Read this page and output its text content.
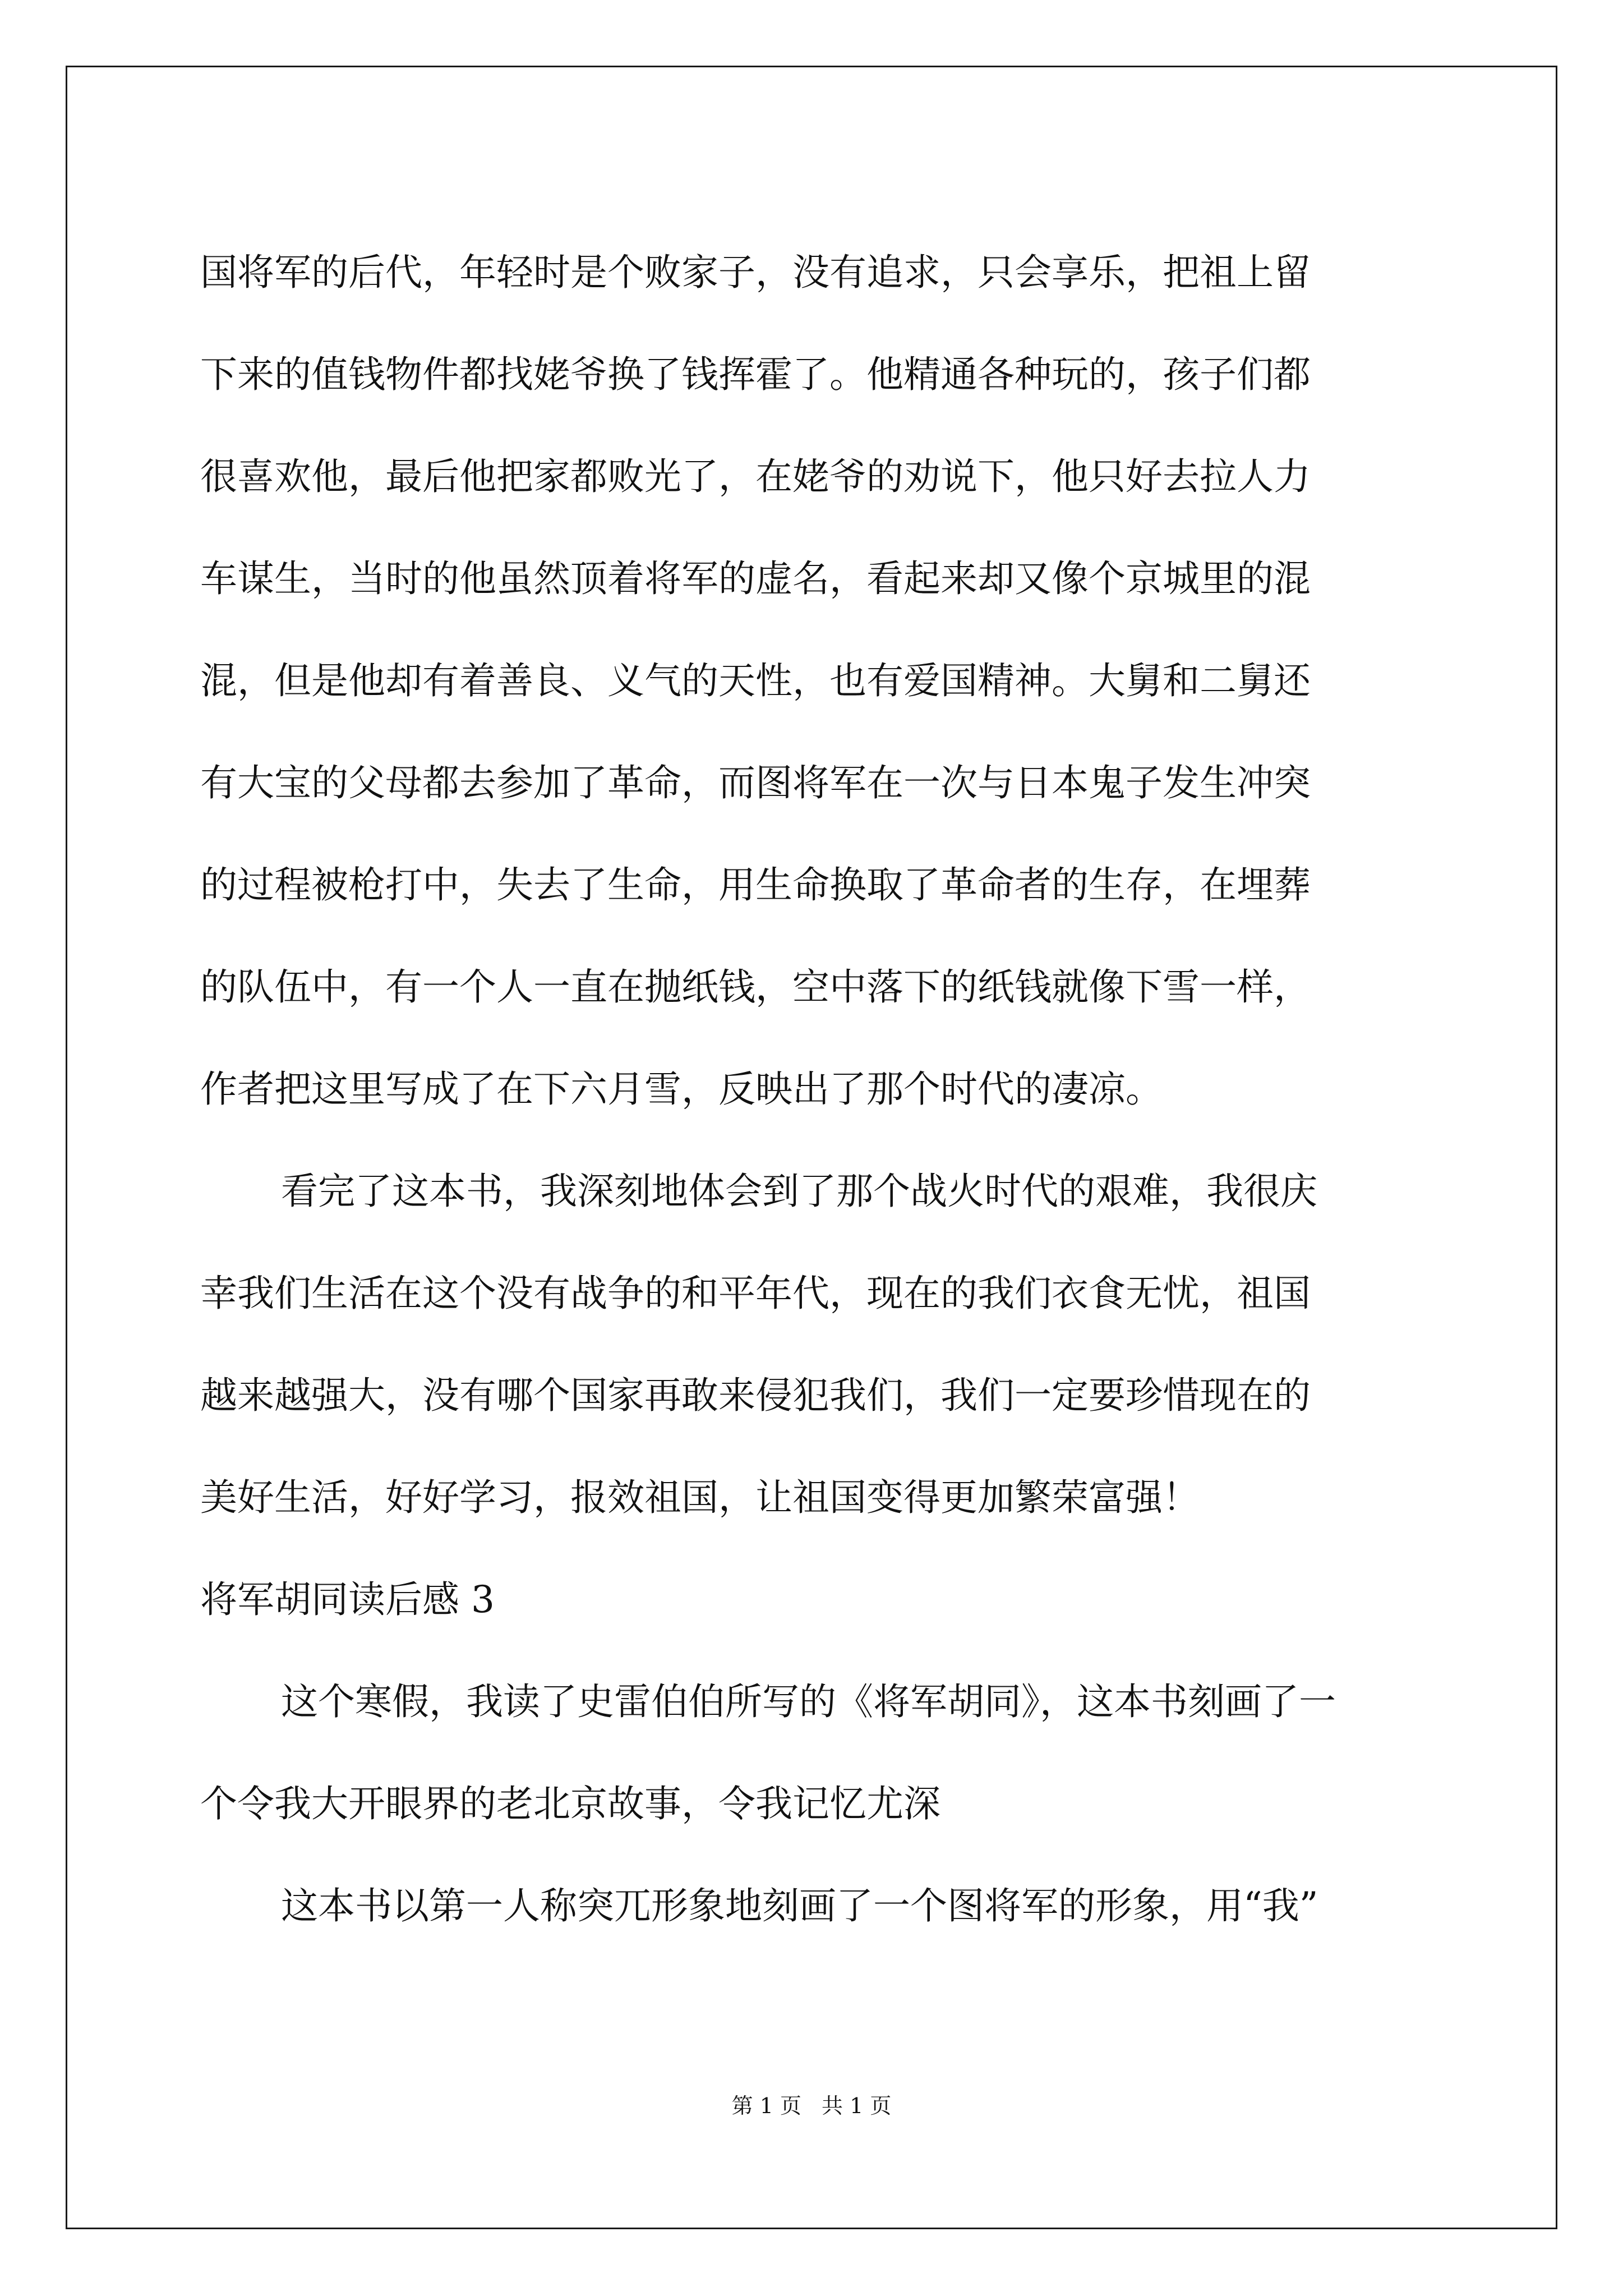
国将军的后代，年轻时是个败家子，没有追求，只会享乐，把祖上留
下来的值钱物件都找姥爷换了钱挥霍了。他精通各种玩的，孩子们都
很喜欢他，最后他把家都败光了，在姥爷的劝说下，他只好去拉人力
车谋生，当时的他虽然顶着将军的虚名，看起来却又像个京城里的混
混，但是他却有着善良、义气的天性，也有爱国精神。大舅和二舅还
有大宝的父母都去参加了革命，而图将军在一次与日本鬼子发生冲突
的过程被枪打中，失去了生命，用生命换取了革命者的生存，在埋葬
的队伍中，有一个人一直在抛纸钱，空中落下的纸钱就像下雪一样，
作者把这里写成了在下六月雪，反映出了那个时代的凄凉。
看完了这本书，我深刻地体会到了那个战火时代的艰难，我很庆
幸我们生活在这个没有战争的和平年代，现在的我们衣食无忧，祖国
越来越强大，没有哪个国家再敢来侵犯我们，我们一定要珍惜现在的
美好生活，好好学习，报效祖国，让祖国变得更加繁荣富强！
将军胡同读后感 3
这个寒假，我读了史雷伯伯所写的《将军胡同》，这本书刻画了一
个令我大开眼界的老北京故事，令我记忆尤深
这本书以第一人称突兀形象地刻画了一个图将军的形象，用“我”
第 1 页 共 1 页
